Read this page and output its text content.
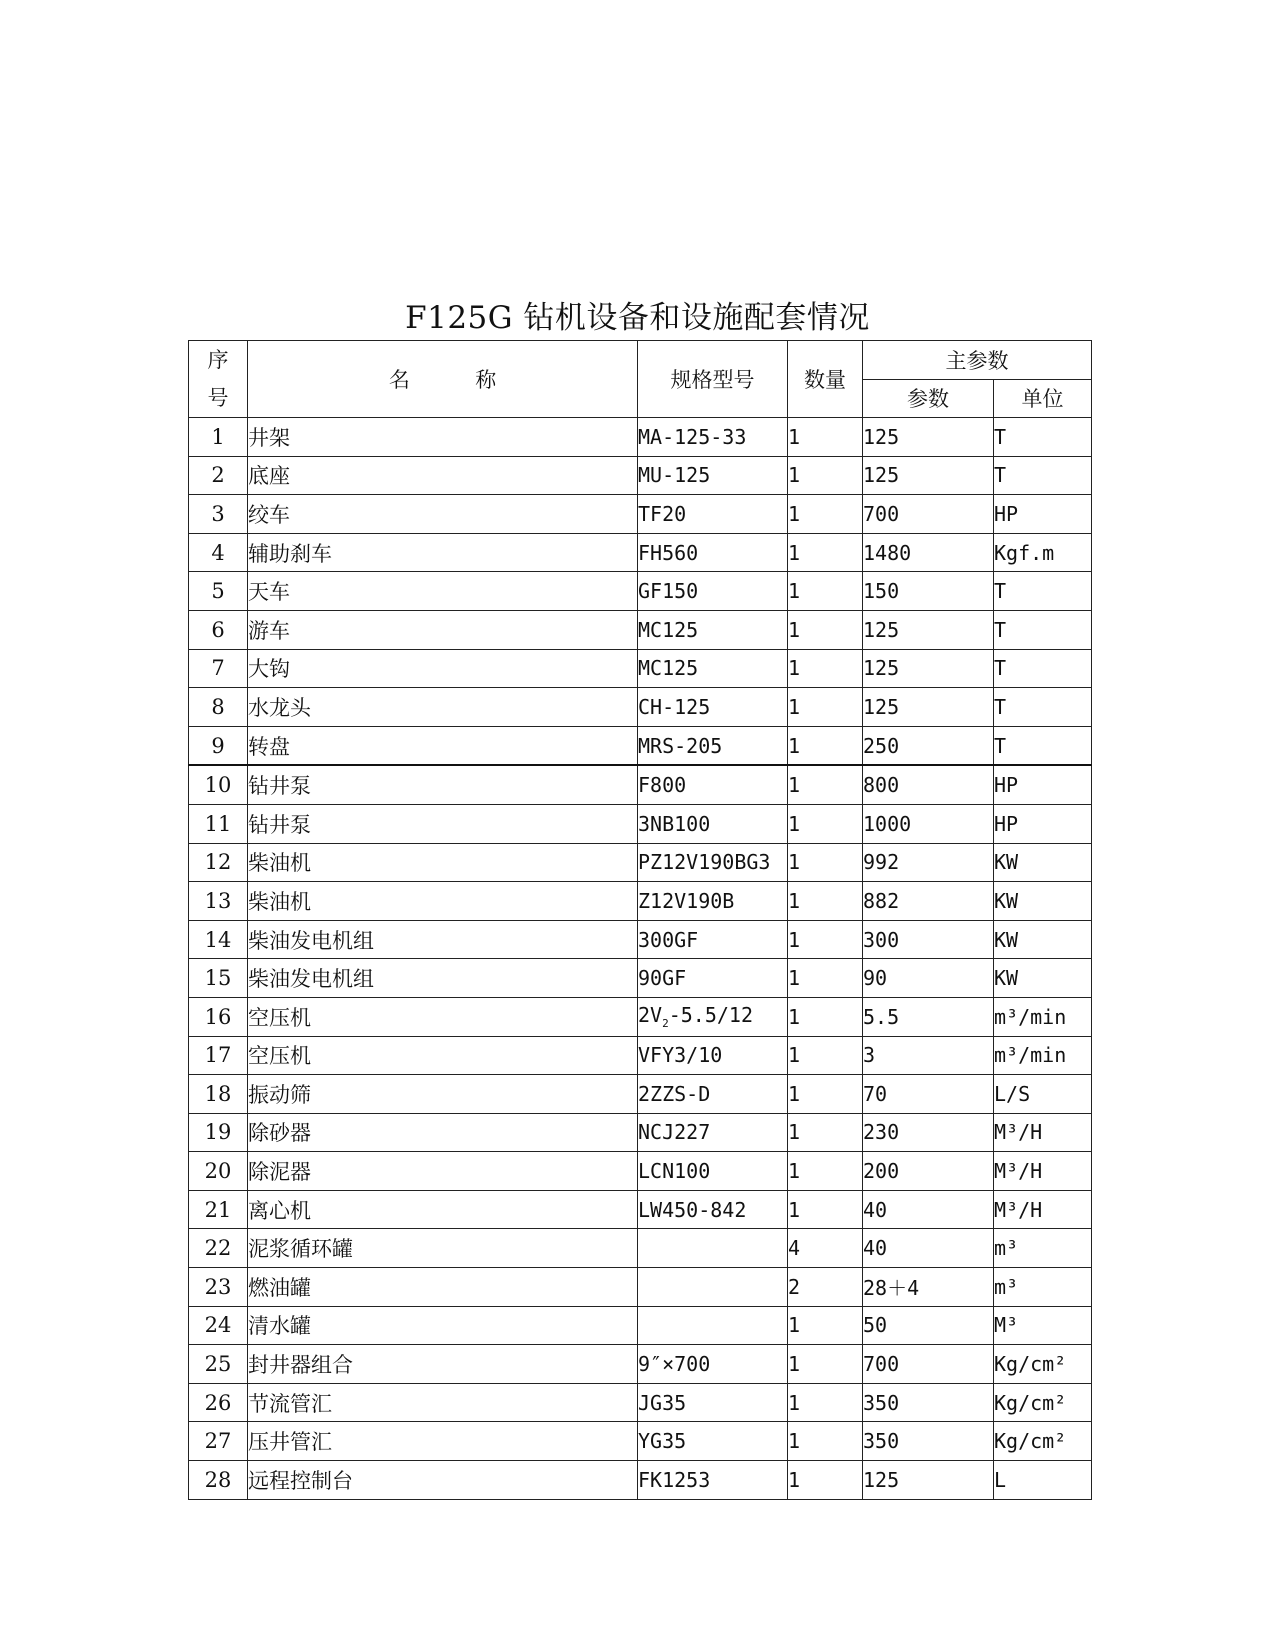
F125G 钻机设备和设施配套情况
序
号	名 称	规格型号	数量	主参数	
				参数	单位
1	井架	MA-125-33	1	125	T
2	底座	MU-125	1	125	T
3	绞车	TF20	1	700	HP
4	辅助刹车	FH560	1	1480	Kgf.m
5	天车	GF150	1	150	T
6	游车	MC125	1	125	T
7	大钩	MC125	1	125	T
8	水龙头	CH-125	1	125	T
9	转盘	MRS-205	1	250	T
10	钻井泵	F800	1	800	HP
11	钻井泵	3NB100	1	1000	HP
12	柴油机	PZ12V190BG3	1	992	KW
13	柴油机	Z12V190B	1	882	KW
14	柴油发电机组	300GF	1	300	KW
15	柴油发电机组	90GF	1	90	KW
16	空压机	$2V_2-5.5/12$	1	5.5	m³/min
17	空压机	VFY3/10	1	3	m³/min
18	振动筛	2ZZS-D	1	70	L/S
19	除砂器	NCJ227	1	230	M³/H
20	除泥器	LCN100	1	200	M³/H
21	离心机	LW450-842	1	40	M³/H
22	泥浆循环罐		4	40	m³
23	燃油罐		2	28＋4	m³
24	清水罐		1	50	M³
25	封井器组合	9″×700	1	700	Kg/cm²
26	节流管汇	JG35	1	350	Kg/cm²
27	压井管汇	YG35	1	350	Kg/cm²
28	远程控制台	FK1253	1	125	L
